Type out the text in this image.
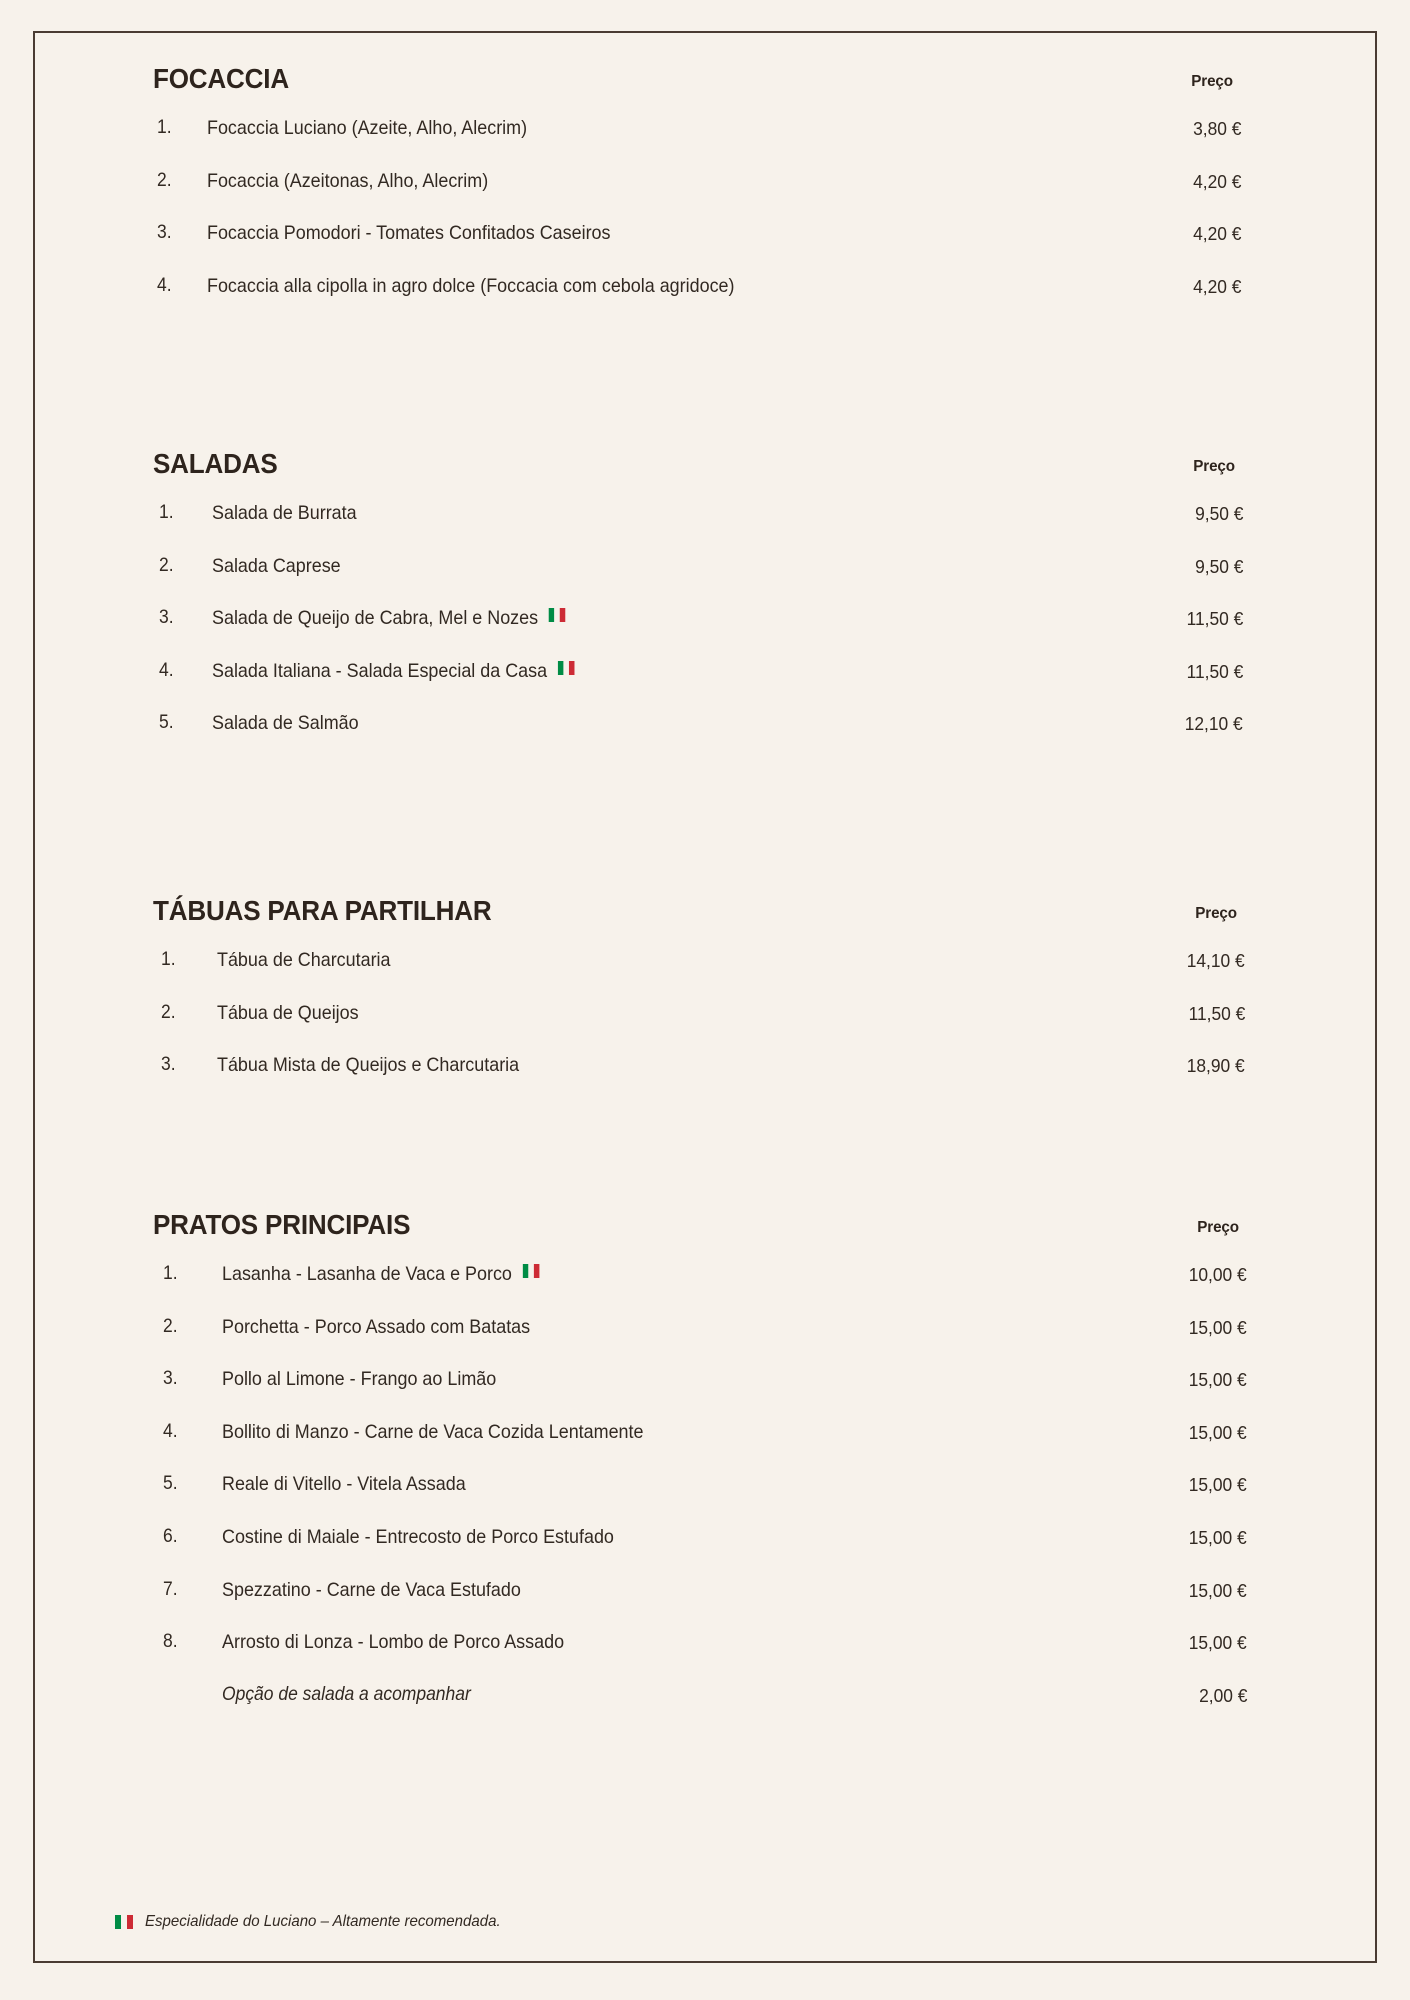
FOCACCIA	Preço
1. Focaccia Luciano (Azeite, Alho, Alecrim)	3,80 €
2. Focaccia (Azeitonas, Alho, Alecrim)	4,20 €
3. Focaccia Pomodori - Tomates Confitados Caseiros	4,20 €
4. Focaccia alla cipolla in agro dolce (Foccacia com cebola agridoce)	4,20 €
SALADAS	Preço
1. Salada de Burrata	9,50 €
2. Salada Caprese	9,50 €
3. Salada de Queijo de Cabra, Mel e Nozes	11,50 €
4. Salada Italiana - Salada Especial da Casa	11,50 €
5. Salada de Salmão	12,10 €
TÁBUAS PARA PARTILHAR	Preço
1. Tábua de Charcutaria	14,10 €
2. Tábua de Queijos	11,50 €
3. Tábua Mista de Queijos e Charcutaria	18,90 €
PRATOS PRINCIPAIS	Preço
1. Lasanha - Lasanha de Vaca e Porco	10,00 €
2. Porchetta - Porco Assado com Batatas	15,00 €
3. Pollo al Limone - Frango ao Limão	15,00 €
4. Bollito di Manzo - Carne de Vaca Cozida Lentamente	15,00 €
5. Reale di Vitello - Vitela Assada	15,00 €
6. Costine di Maiale - Entrecosto de Porco Estufado	15,00 €
7. Spezzatino - Carne de Vaca Estufado	15,00 €
8. Arrosto di Lonza - Lombo de Porco Assado	15,00 €
Opção de salada a acompanhar	2,00 €
Especialidade do Luciano – Altamente recomendada.
